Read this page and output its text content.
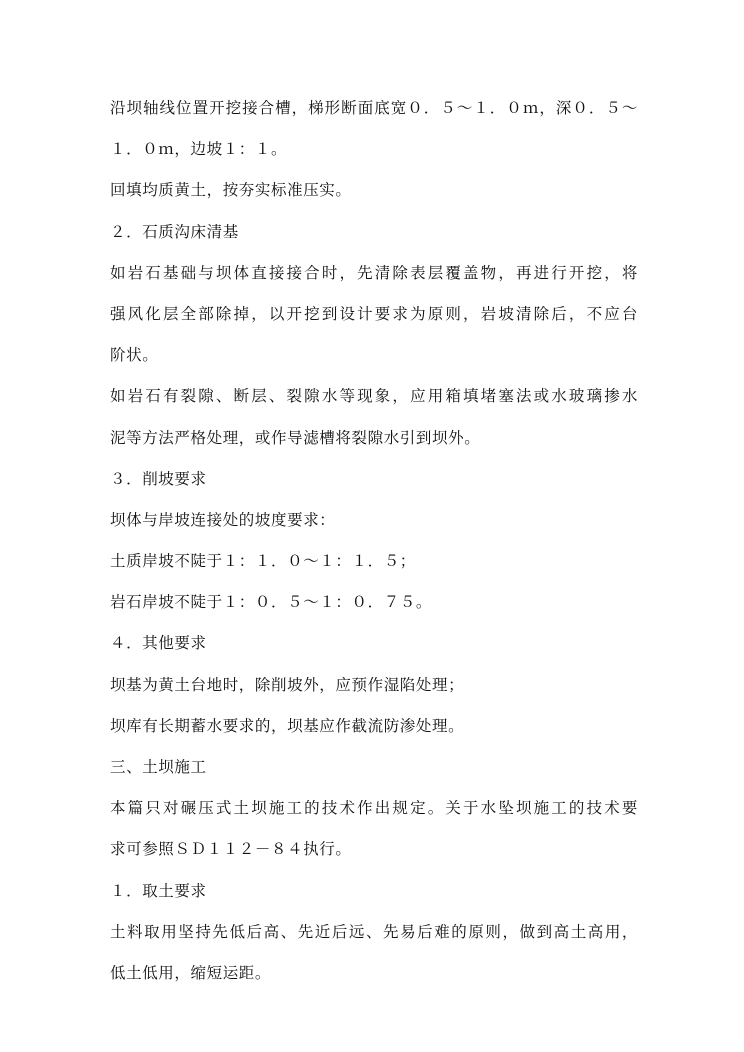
沿坝轴线位置开挖接合槽，梯形断面底宽０．５～１．０ｍ，深０．５～
１．０ｍ，边坡１：１。
回填均质黄土，按夯实标准压实。
２．石质沟床清基
如岩石基础与坝体直接接合时，先清除表层覆盖物，再进行开挖，将
强风化层全部除掉，以开挖到设计要求为原则，岩坡清除后，不应台
阶状。
如岩石有裂隙、断层、裂隙水等现象，应用箱填堵塞法或水玻璃掺水
泥等方法严格处理，或作导滤槽将裂隙水引到坝外。
３．削坡要求
坝体与岸坡连接处的坡度要求：
土质岸坡不陡于１：１．０～１：１．５；
岩石岸坡不陡于１：０．５～１：０．７５。
４．其他要求
坝基为黄土台地时，除削坡外，应预作湿陷处理；
坝库有长期蓄水要求的，坝基应作截流防渗处理。
三、土坝施工
本篇只对碾压式土坝施工的技术作出规定。关于水坠坝施工的技术要
求可参照ＳＤ１１２－８４执行。
１．取土要求
土料取用坚持先低后高、先近后远、先易后难的原则，做到高土高用，
低土低用，缩短运距。
